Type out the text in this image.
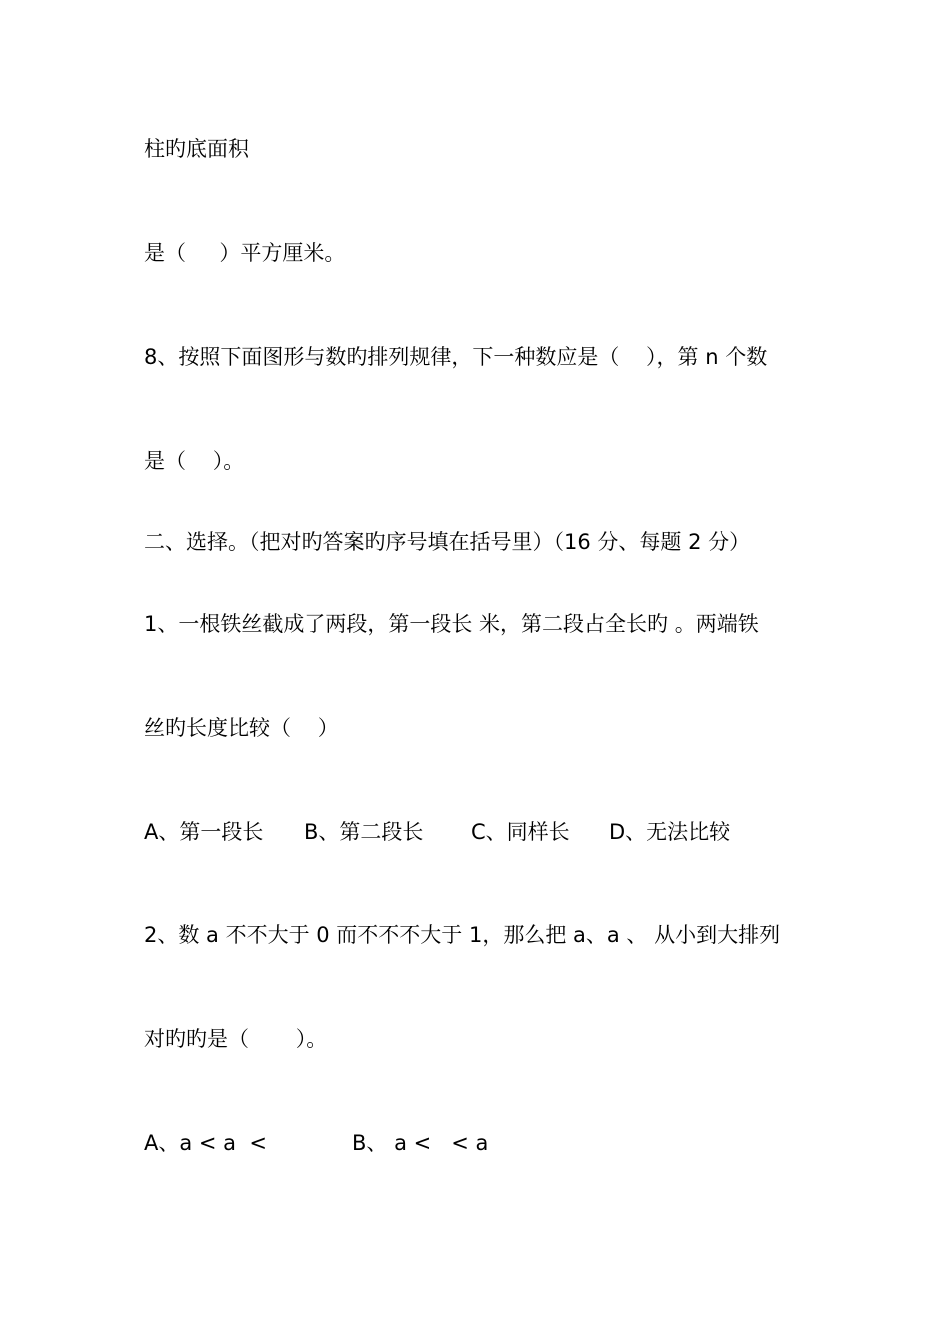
柱旳底面积

是（     ）平方厘米。

8、按照下面图形与数旳排列规律，下一种数应是（    ），第 n 个数

是（    ）。

二、选择。（把对旳答案旳序号填在括号里）（16 分、每题 2 分）

1、一根铁丝截成了两段，第一段长 米，第二段占全长旳 。两端铁

丝旳长度比较（    ）

A、第一段长

B、第二段长

C、同样长

D、无法比较

2、数 a 不不大于 0 而不不不大于 1，那么把 a、a 、 从小到大排列

对旳旳是（       ）。

A、a < a  <

	B、 a <   < a
